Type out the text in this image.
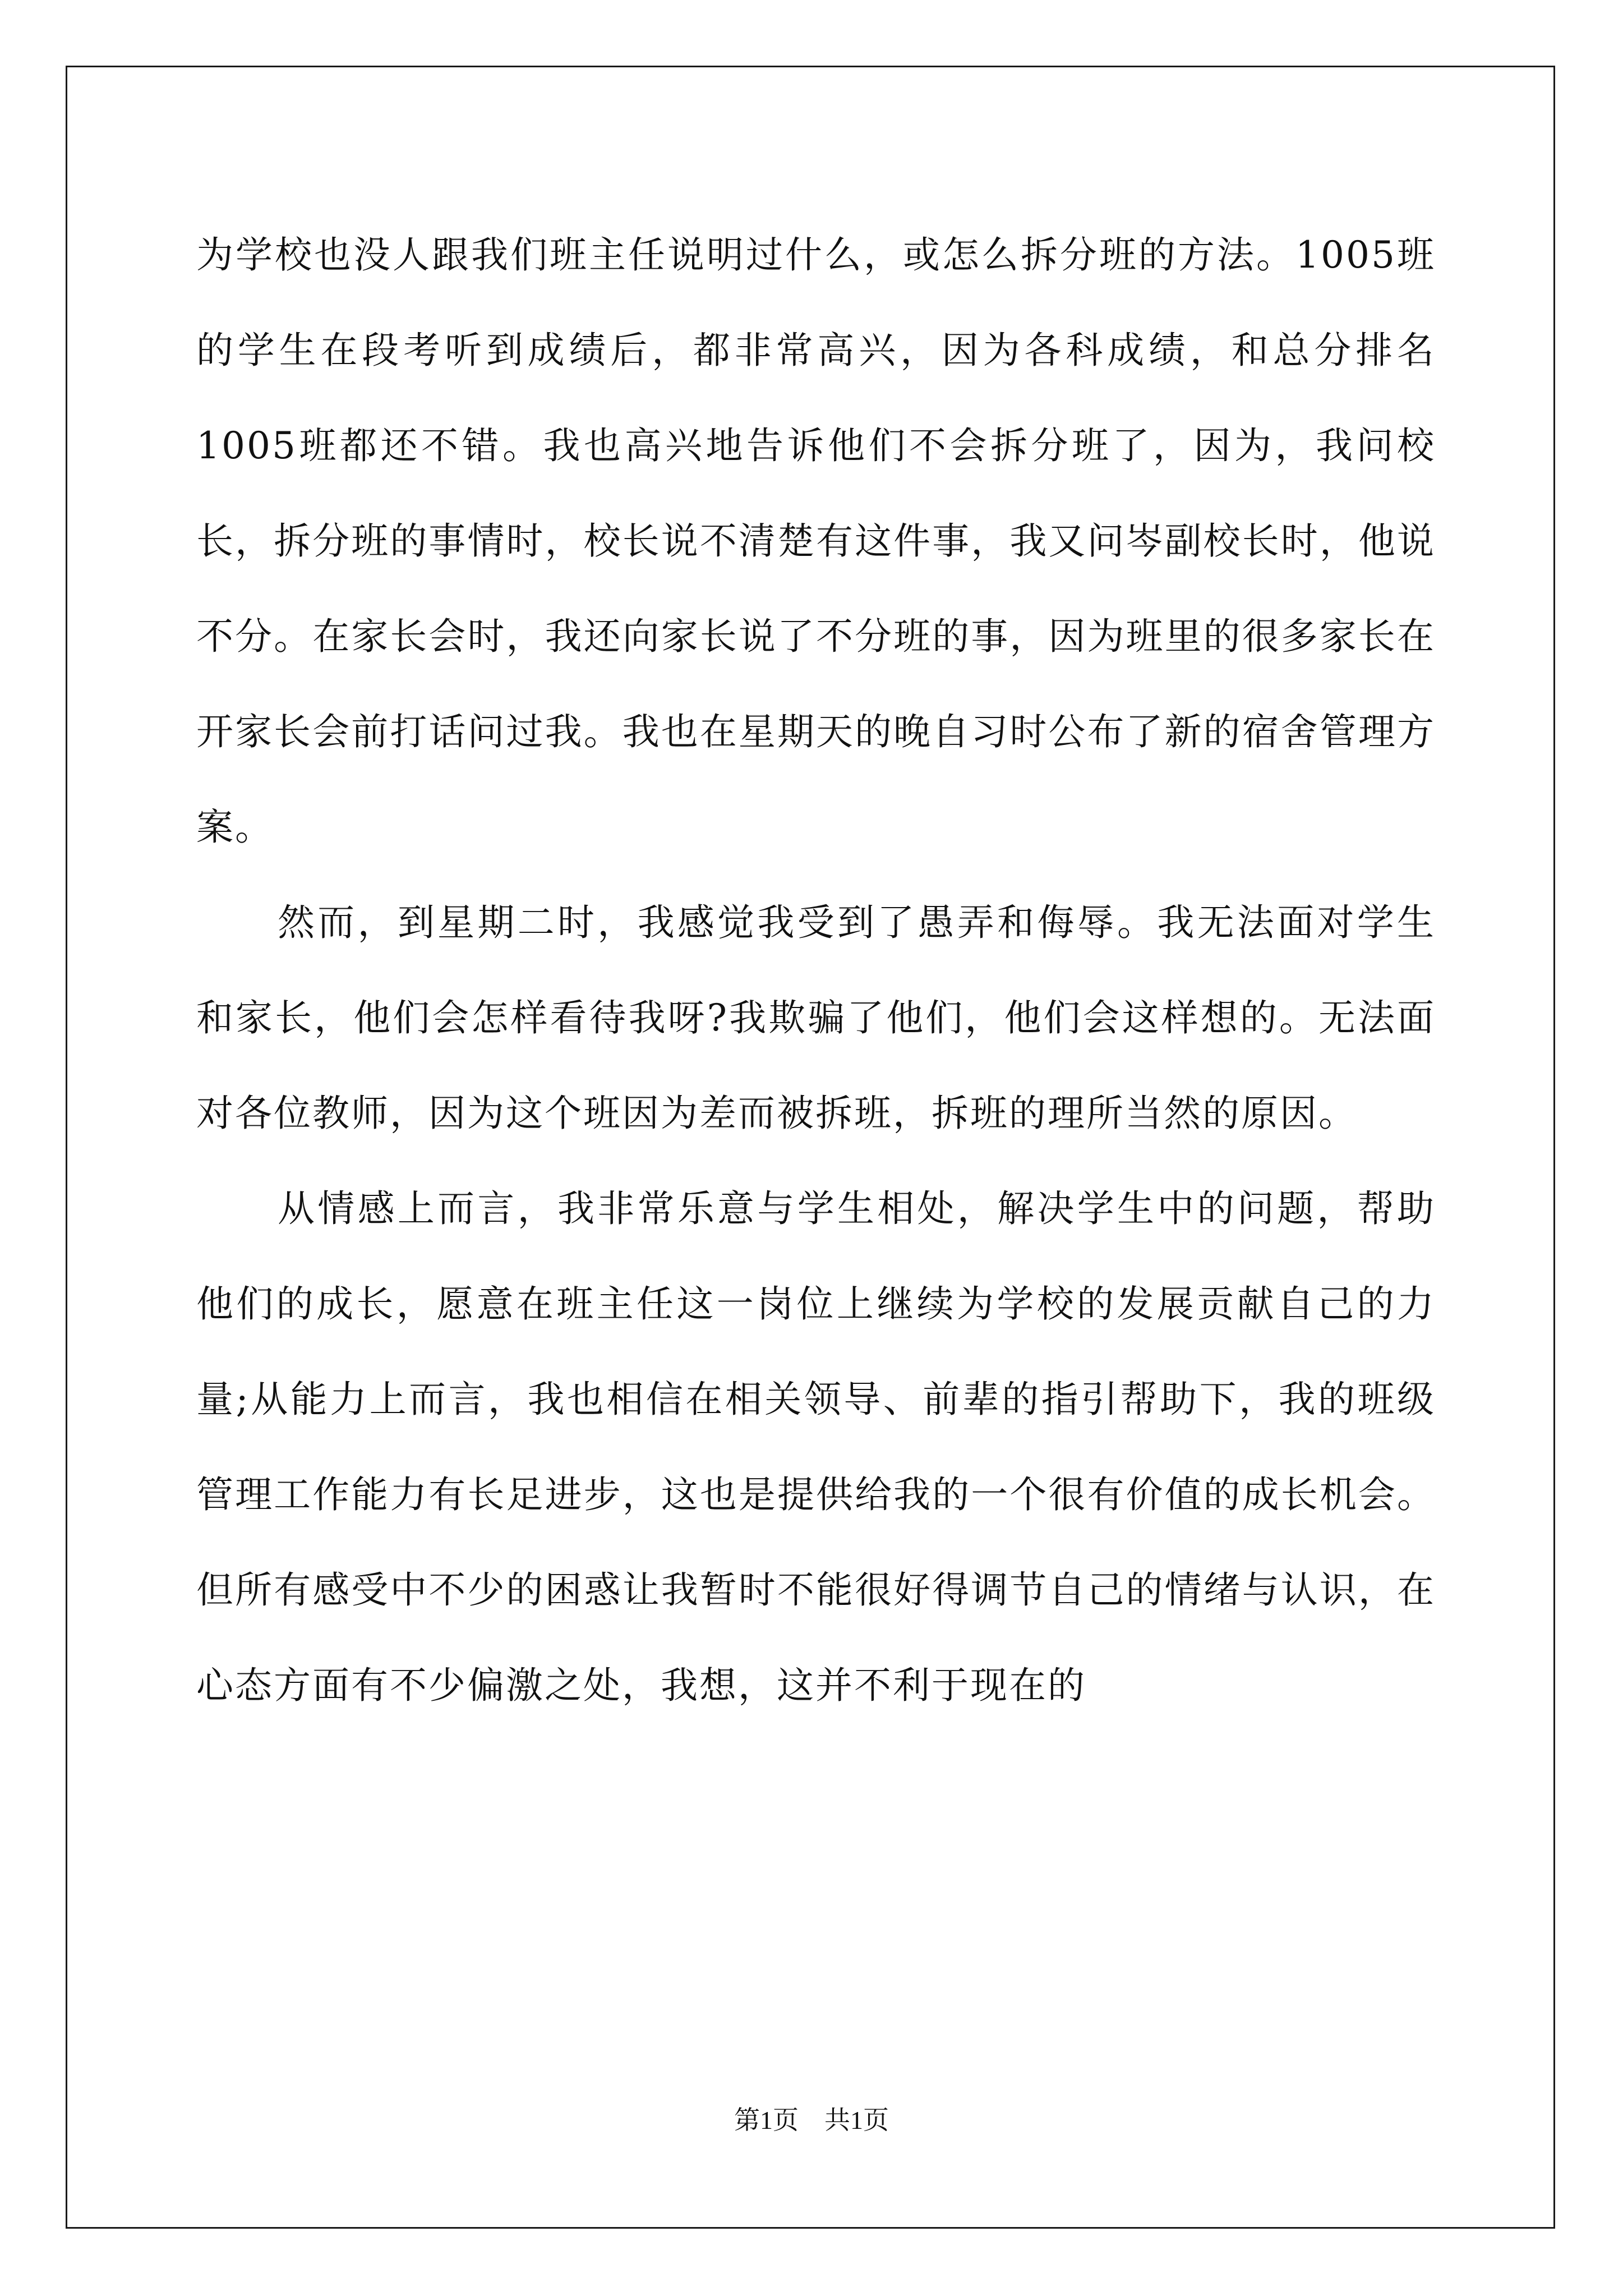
为学校也没人跟我们班主任说明过什么，或怎么拆分班的方法。1005班的学生在段考听到成绩后，都非常高兴，因为各科成绩，和总分排名1005班都还不错。我也高兴地告诉他们不会拆分班了，因为，我问校长，拆分班的事情时，校长说不清楚有这件事，我又问岑副校长时，他说不分。在家长会时，我还向家长说了不分班的事，因为班里的很多家长在开家长会前打话问过我。我也在星期天的晚自习时公布了新的宿舍管理方案。

然而，到星期二时，我感觉我受到了愚弄和侮辱。我无法面对学生和家长，他们会怎样看待我呀?我欺骗了他们，他们会这样想的。无法面对各位教师，因为这个班因为差而被拆班，拆班的理所当然的原因。

从情感上而言，我非常乐意与学生相处，解决学生中的问题，帮助他们的成长，愿意在班主任这一岗位上继续为学校的发展贡献自己的力量;从能力上而言，我也相信在相关领导、前辈的指引帮助下，我的班级管理工作能力有长足进步，这也是提供给我的一个很有价值的成长机会。但所有感受中不少的困惑让我暂时不能很好得调节自己的情绪与认识，在心态方面有不少偏激之处，我想，这并不利于现在的

第1页　共1页
